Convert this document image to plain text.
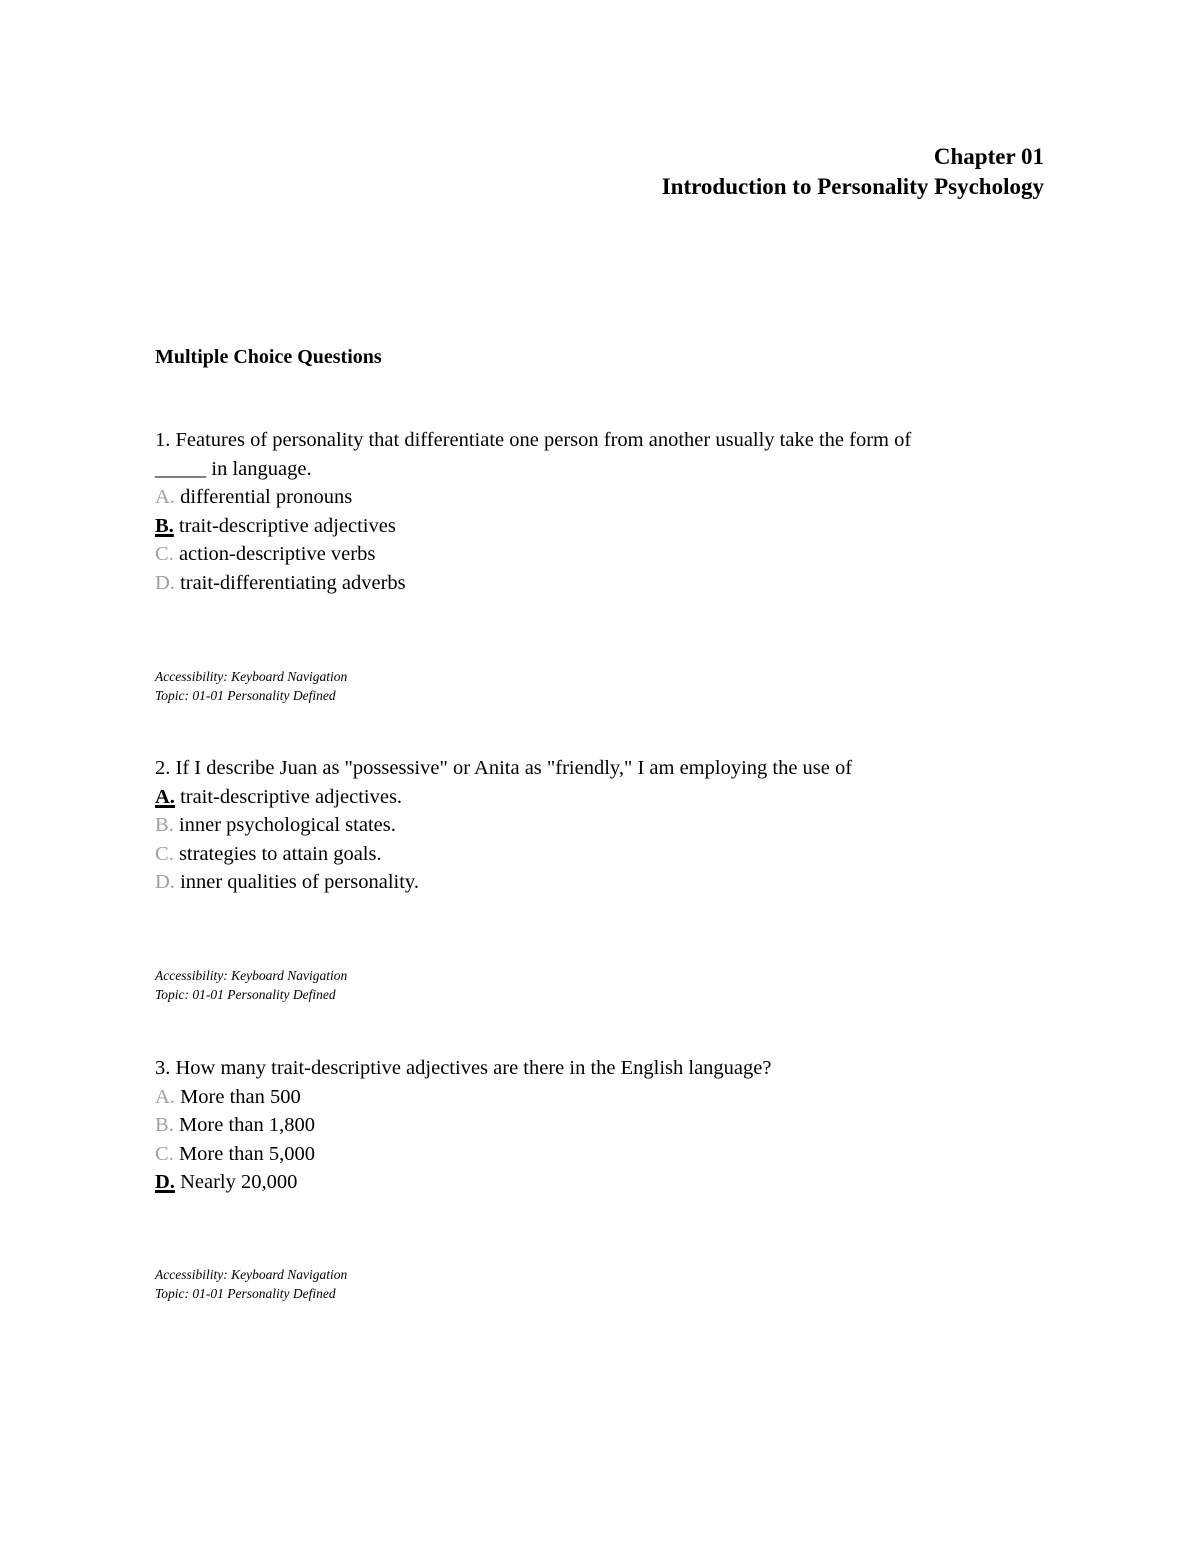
Chapter 01
Introduction to Personality Psychology
Multiple Choice Questions
1. Features of personality that differentiate one person from another usually take the form of
_____ in language.
A. differential pronouns
B. trait-descriptive adjectives
C. action-descriptive verbs
D. trait-differentiating adverbs
Accessibility: Keyboard Navigation
Topic: 01-01 Personality Defined
2. If I describe Juan as "possessive" or Anita as "friendly," I am employing the use of
A. trait-descriptive adjectives.
B. inner psychological states.
C. strategies to attain goals.
D. inner qualities of personality.
Accessibility: Keyboard Navigation
Topic: 01-01 Personality Defined
3. How many trait-descriptive adjectives are there in the English language?
A. More than 500
B. More than 1,800
C. More than 5,000
D. Nearly 20,000
Accessibility: Keyboard Navigation
Topic: 01-01 Personality Defined
